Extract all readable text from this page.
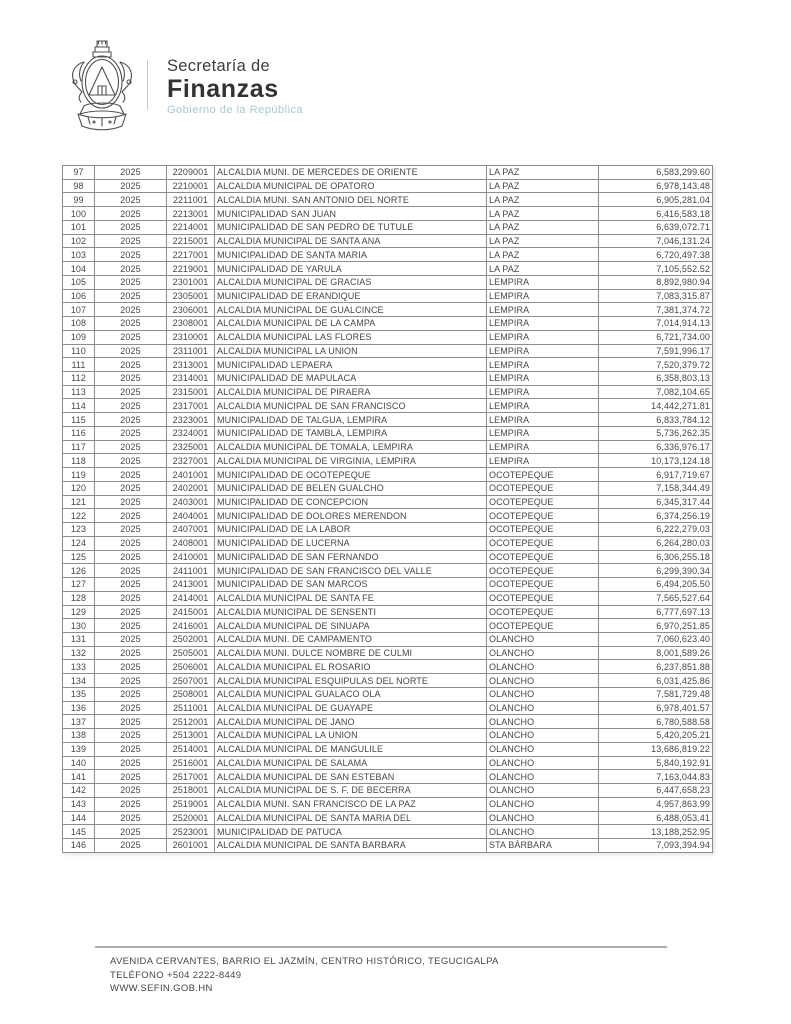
Secretaría de
Finanzas
Gobierno de la República
97	2025	2209001	ALCALDIA MUNI. DE MERCEDES DE ORIENTE	LA PAZ	6,583,299.60
98	2025	2210001	ALCALDIA MUNICIPAL DE OPATORO	LA PAZ	6,978,143.48
99	2025	2211001	ALCALDIA MUNI. SAN ANTONIO DEL NORTE	LA PAZ	6,905,281.04
100	2025	2213001	MUNICIPALIDAD SAN JUAN	LA PAZ	6,416,583.18
101	2025	2214001	MUNICIPALIDAD DE SAN PEDRO DE TUTULE	LA PAZ	6,639,072.71
102	2025	2215001	ALCALDIA MUNICIPAL DE SANTA ANA	LA PAZ	7,046,131.24
103	2025	2217001	MUNICIPALIDAD DE SANTA MARIA	LA PAZ	6,720,497.38
104	2025	2219001	MUNICIPALIDAD DE YARULA	LA PAZ	7,105,552.52
105	2025	2301001	ALCALDIA MUNICIPAL DE GRACIAS	LEMPIRA	8,892,980.94
106	2025	2305001	MUNICIPALIDAD DE ERANDIQUE	LEMPIRA	7,083,315.87
107	2025	2306001	ALCALDIA MUNICIPAL DE GUALCINCE	LEMPIRA	7,381,374.72
108	2025	2308001	ALCALDIA MUNICIPAL DE LA CAMPA	LEMPIRA	7,014,914.13
109	2025	2310001	ALCALDIA MUNICIPAL LAS FLORES	LEMPIRA	6,721,734.00
110	2025	2311001	ALCALDIA MUNICIPAL LA UNION	LEMPIRA	7,591,996.17
111	2025	2313001	MUNICIPALIDAD LEPAERA	LEMPIRA	7,520,379.72
112	2025	2314001	MUNICIPALIDAD DE MAPULACA	LEMPIRA	6,358,803.13
113	2025	2315001	ALCALDIA MUNICIPAL DE PIRAERA	LEMPIRA	7,082,104.65
114	2025	2317001	ALCALDIA MUNICIPAL DE SAN FRANCISCO	LEMPIRA	14,442,271.81
115	2025	2323001	MUNICIPALIDAD DE TALGUA, LEMPIRA	LEMPIRA	6,833,784.12
116	2025	2324001	MUNICIPALIDAD DE TAMBLA, LEMPIRA	LEMPIRA	5,736,262.35
117	2025	2325001	ALCALDIA MUNICIPAL DE TOMALA, LEMPIRA	LEMPIRA	6,336,976.17
118	2025	2327001	ALCALDIA MUNICIPAL DE VIRGINIA, LEMPIRA	LEMPIRA	10,173,124.18
119	2025	2401001	MUNICIPALIDAD DE OCOTEPEQUE	OCOTEPEQUE	6,917,719.67
120	2025	2402001	MUNICIPALIDAD DE BELEN GUALCHO	OCOTEPEQUE	7,158,344.49
121	2025	2403001	MUNICIPALIDAD DE CONCEPCION	OCOTEPEQUE	6,345,317.44
122	2025	2404001	MUNICIPALIDAD DE DOLORES MERENDON	OCOTEPEQUE	6,374,256.19
123	2025	2407001	MUNICIPALIDAD DE LA LABOR	OCOTEPEQUE	6,222,279.03
124	2025	2408001	MUNICIPALIDAD DE LUCERNA	OCOTEPEQUE	6,264,280.03
125	2025	2410001	MUNICIPALIDAD DE SAN FERNANDO	OCOTEPEQUE	6,306,255.18
126	2025	2411001	MUNICIPALIDAD DE SAN FRANCISCO DEL VALLE	OCOTEPEQUE	6,299,390.34
127	2025	2413001	MUNICIPALIDAD DE SAN MARCOS	OCOTEPEQUE	6,494,205.50
128	2025	2414001	ALCALDIA MUNICIPAL DE SANTA FE	OCOTEPEQUE	7,565,527.64
129	2025	2415001	ALCALDIA MUNICIPAL DE SENSENTI	OCOTEPEQUE	6,777,697.13
130	2025	2416001	ALCALDIA MUNICIPAL DE SINUAPA	OCOTEPEQUE	6,970,251.85
131	2025	2502001	ALCALDIA MUNI. DE CAMPAMENTO	OLANCHO	7,060,623.40
132	2025	2505001	ALCALDIA MUNI. DULCE NOMBRE DE CULMI	OLANCHO	8,001,589.26
133	2025	2506001	ALCALDIA MUNICIPAL EL ROSARIO	OLANCHO	6,237,851.88
134	2025	2507001	ALCALDIA MUNICIPAL ESQUIPULAS DEL NORTE	OLANCHO	6,031,425.86
135	2025	2508001	ALCALDIA MUNICIPAL GUALACO OLA	OLANCHO	7,581,729.48
136	2025	2511001	ALCALDIA MUNICIPAL DE GUAYAPE	OLANCHO	6,978,401.57
137	2025	2512001	ALCALDIA MUNICIPAL DE JANO	OLANCHO	6,780,588.58
138	2025	2513001	ALCALDIA MUNICIPAL LA UNION	OLANCHO	5,420,205.21
139	2025	2514001	ALCALDIA MUNICIPAL DE MANGULILE	OLANCHO	13,686,819.22
140	2025	2516001	ALCALDIA MUNICIPAL DE SALAMA	OLANCHO	5,840,192.91
141	2025	2517001	ALCALDIA MUNICIPAL DE SAN ESTEBAN	OLANCHO	7,163,044.83
142	2025	2518001	ALCALDIA MUNICIPAL DE S. F. DE BECERRA	OLANCHO	6,447,658.23
143	2025	2519001	ALCALDIA MUNI. SAN FRANCISCO DE LA PAZ	OLANCHO	4,957,863.99
144	2025	2520001	ALCALDIA MUNICIPAL DE SANTA MARIA DEL	OLANCHO	6,488,053.41
145	2025	2523001	MUNICIPALIDAD DE PATUCA	OLANCHO	13,188,252.95
146	2025	2601001	ALCALDIA MUNICIPAL DE SANTA BARBARA	STA BÁRBARA	7,093,394.94
AVENIDA CERVANTES, BARRIO EL JAZMÍN, CENTRO HISTÓRICO, TEGUCIGALPA
TELÉFONO +504 2222-8449
WWW.SEFIN.GOB.HN
